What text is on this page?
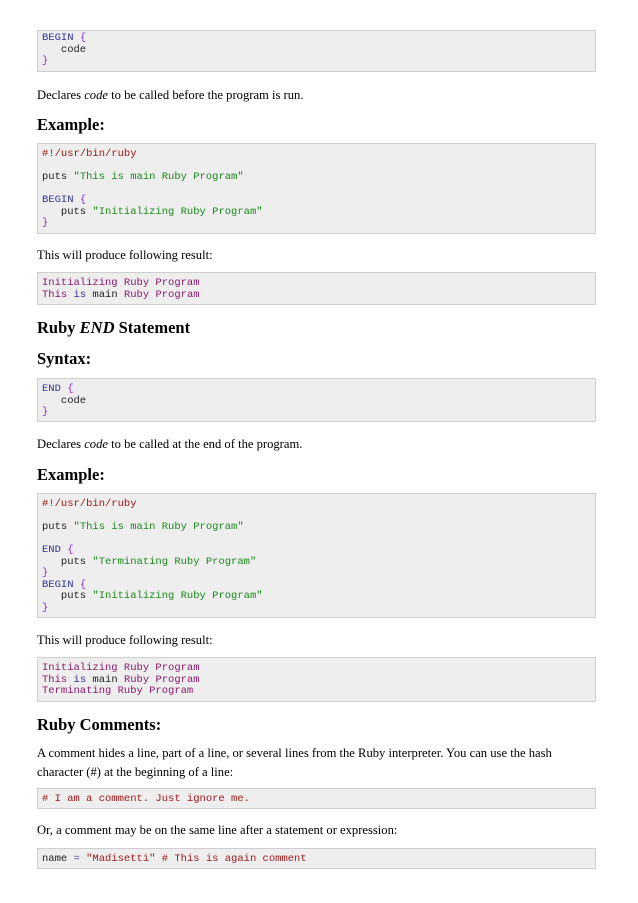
BEGIN {
code
}
Declares code to be called before the program is run.
Example:
#!/usr/bin/ruby
puts "This is main Ruby Program"
BEGIN {
puts "Initializing Ruby Program"
}
This will produce following result:
Initializing Ruby Program
This is main Ruby Program
Ruby END Statement
Syntax:
END {
code
}
Declares code to be called at the end of the program.
Example:
#!/usr/bin/ruby
puts "This is main Ruby Program"
END {
puts "Terminating Ruby Program"
}
BEGIN {
puts "Initializing Ruby Program"
}
This will produce following result:
Initializing Ruby Program
This is main Ruby Program
Terminating Ruby Program
Ruby Comments:
A comment hides a line, part of a line, or several lines from the Ruby interpreter. You can use the hash character (#) at the beginning of a line:
# I am a comment. Just ignore me.
Or, a comment may be on the same line after a statement or expression:
name = "Madisetti" # This is again comment
